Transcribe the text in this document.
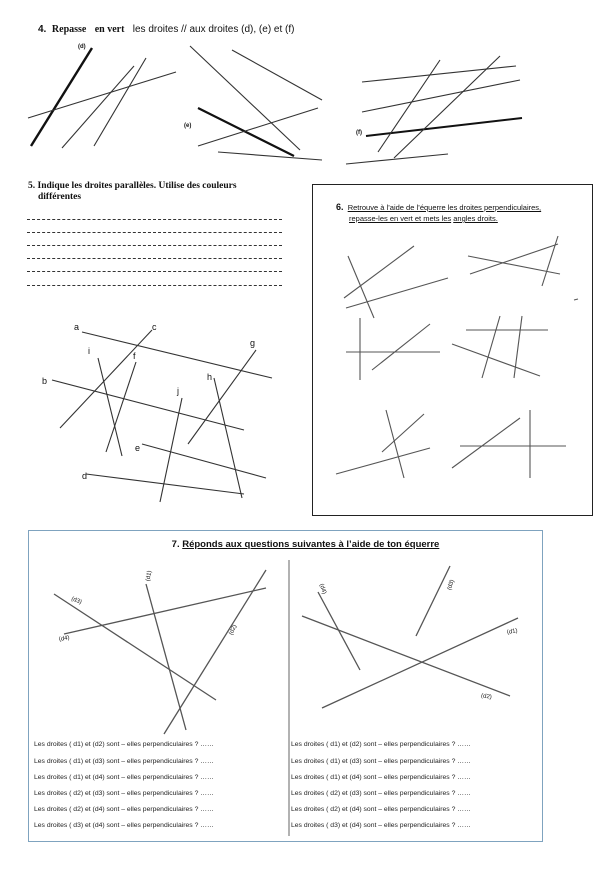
4. Repasse en vert les droites // aux droites (d), (e) et (f)
(d)
(e)
(f)
5. Indique les droites parallèles. Utilise des couleurs
différentes
a
b
c
d
e
f
g
h
i
j
6. Retrouve à l’aide de l’équerre les droites perpendiculaires,
repasse-les en vert et mets les angles droits.
7. Réponds aux questions suivantes à l’aide de ton équerre
(d1)
(d2)
(d3)
(d4)
(d1)
(d2)
(d3)
(d4)
Les droites ( d1) et (d2) sont – elles perpendiculaires ? ……
Les droites ( d1) et (d3) sont – elles perpendiculaires ? ……
Les droites ( d1) et (d4) sont – elles perpendiculaires ? ……
Les droites ( d2) et (d3) sont – elles perpendiculaires ? ……
Les droites ( d2) et (d4) sont – elles perpendiculaires ? ……
Les droites ( d3) et (d4) sont – elles perpendiculaires ? ……
Les droites ( d1) et (d2) sont – elles perpendiculaires ? ……
Les droites ( d1) et (d3) sont – elles perpendiculaires ? ……
Les droites ( d1) et (d4) sont – elles perpendiculaires ? ……
Les droites ( d2) et (d3) sont – elles perpendiculaires ? ……
Les droites ( d2) et (d4) sont – elles perpendiculaires ? ……
Les droites ( d3) et (d4) sont – elles perpendiculaires ? ……
